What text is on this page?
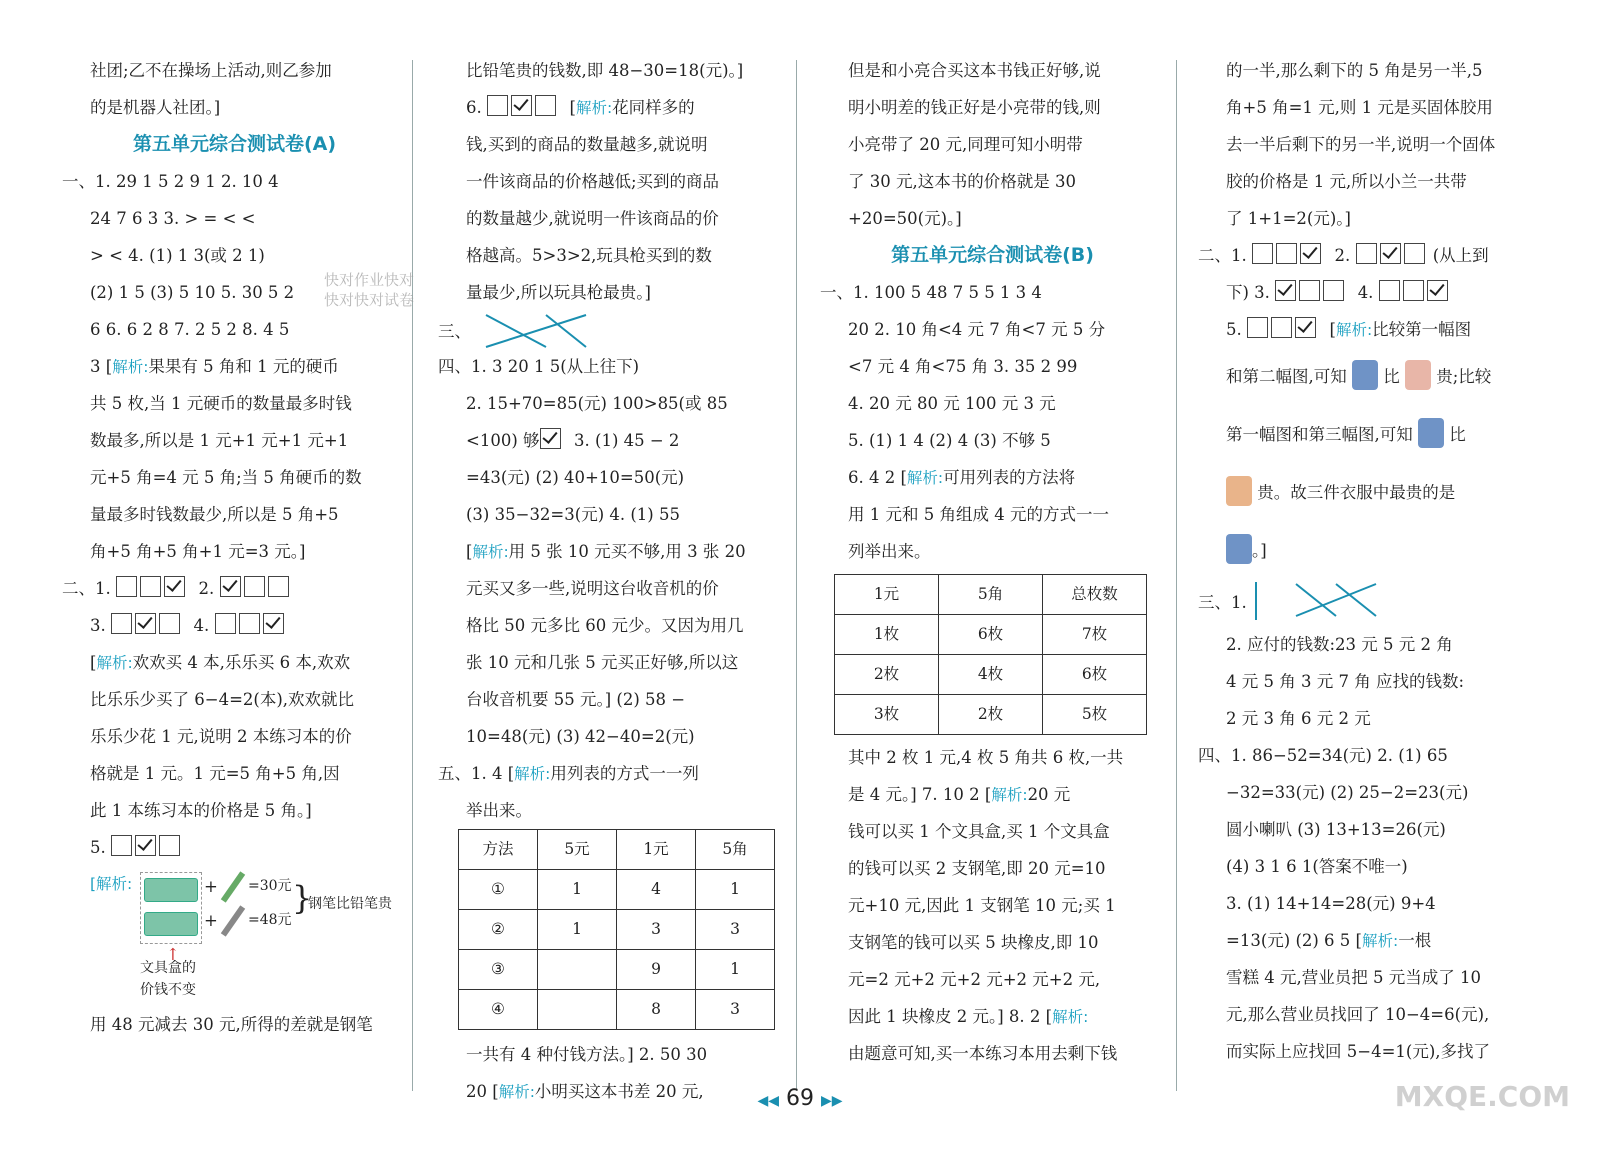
社团;乙不在操场上活动,则乙参加
的是机器人社团。]
第五单元综合测试卷(A)
一、1. 29 1 5 2 9 1 2. 10 4
24 7 6 3 3. > = < <
> < 4. (1) 1 3(或 2 1)
(2) 1 5 (3) 5 10 5. 30 5 2
6 6. 6 2 8 7. 2 5 2 8. 4 5
3 [解析:果果有 5 角和 1 元的硬币
共 5 枚,当 1 元硬币的数量最多时钱
数最多,所以是 1 元+1 元+1 元+1
元+5 角=4 元 5 角;当 5 角硬币的数
量最多时钱数最少,所以是 5 角+5
角+5 角+5 角+1 元=3 元。]
二、1.	2.
3.	4.
[解析:欢欢买 4 本,乐乐买 6 本,欢欢
比乐乐少买了 6−4=2(本),欢欢就比
乐乐少花 1 元,说明 2 本练习本的价
格就是 1 元。1 元=5 角+5 角,因
此 1 本练习本的价格是 5 角。]
5.
[解析:	+
+
=30元
=48元
}
钢笔比铅笔贵
↑
文具盒的
价钱不变
用 48 元减去 30 元,所得的差就是钢笔
快对作业快对
快对快对试卷
比铅笔贵的钱数,即 48−30=18(元)。]
6.	[解析:花同样多的
钱,买到的商品的数量越多,就说明
一件该商品的价格越低;买到的商品
的数量越少,就说明一件该商品的价
格越高。5>3>2,玩具枪买到的数
量最少,所以玩具枪最贵。]
三、
四、1. 3 20 1 5(从上往下)
2. 15+70=85(元) 100>85(或 85
<100) 够 3. (1) 45 − 2
=43(元) (2) 40+10=50(元)
(3) 35−32=3(元) 4. (1) 55
[解析:用 5 张 10 元买不够,用 3 张 20
元买又多一些,说明这台收音机的价
格比 50 元多比 60 元少。又因为用几
张 10 元和几张 5 元买正好够,所以这
台收音机要 55 元。] (2) 58 −
10=48(元) (3) 42−40=2(元)
五、1. 4 [解析:用列表的方式一一列
举出来。
方法	5元	1元	5角
①	1	4	1
②	1	3	3
③		9	1
④		8	3
一共有 4 种付钱方法。] 2. 50 30
20 [解析:小明买这本书差 20 元,
但是和小亮合买这本书钱正好够,说
明小明差的钱正好是小亮带的钱,则
小亮带了 20 元,同理可知小明带
了 30 元,这本书的价格就是 30
+20=50(元)。]
第五单元综合测试卷(B)
一、1. 100 5 48 7 5 5 1 3 4
20 2. 10 角<4 元 7 角<7 元 5 分
<7 元 4 角<75 角 3. 35 2 99
4. 20 元 80 元 100 元 3 元
5. (1) 1 4 (2) 4 (3) 不够 5
6. 4 2 [解析:可用列表的方法将
用 1 元和 5 角组成 4 元的方式一一
列举出来。
1元	5角	总枚数
1枚	6枚	7枚
2枚	4枚	6枚
3枚	2枚	5枚
其中 2 枚 1 元,4 枚 5 角共 6 枚,一共
是 4 元。] 7. 10 2 [解析:20 元
钱可以买 1 个文具盒,买 1 个文具盒
的钱可以买 2 支钢笔,即 20 元=10
元+10 元,因此 1 支钢笔 10 元;买 1
支钢笔的钱可以买 5 块橡皮,即 10
元=2 元+2 元+2 元+2 元+2 元,
因此 1 块橡皮 2 元。] 8. 2 [解析:
由题意可知,买一本练习本用去剩下钱
的一半,那么剩下的 5 角是另一半,5
角+5 角=1 元,则 1 元是买固体胶用
去一半后剩下的另一半,说明一个固体
胶的价格是 1 元,所以小兰一共带
了 1+1=2(元)。]
二、1.	2.	(从上到
下) 3.	4.
5.	[解析:比较第一幅图
和第二幅图,可知 比 贵;比较
第一幅图和第三幅图,可知 比
贵。故三件衣服中最贵的是
。]
三、1.
2. 应付的钱数:23 元 5 元 2 角
4 元 5 角 3 元 7 角 应找的钱数:
2 元 3 角 6 元 2 元
四、1. 86−52=34(元) 2. (1) 65
−32=33(元) (2) 25−2=23(元)
圆小喇叭 (3) 13+13=26(元)
(4) 3 1 6 1(答案不唯一)
3. (1) 14+14=28(元) 9+4
=13(元) (2) 6 5 [解析:一根
雪糕 4 元,营业员把 5 元当成了 10
元,那么营业员找回了 10−4=6(元),
而实际上应找回 5−4=1(元),多找了
◀◀ 69 ▶▶	MXQE.COM
